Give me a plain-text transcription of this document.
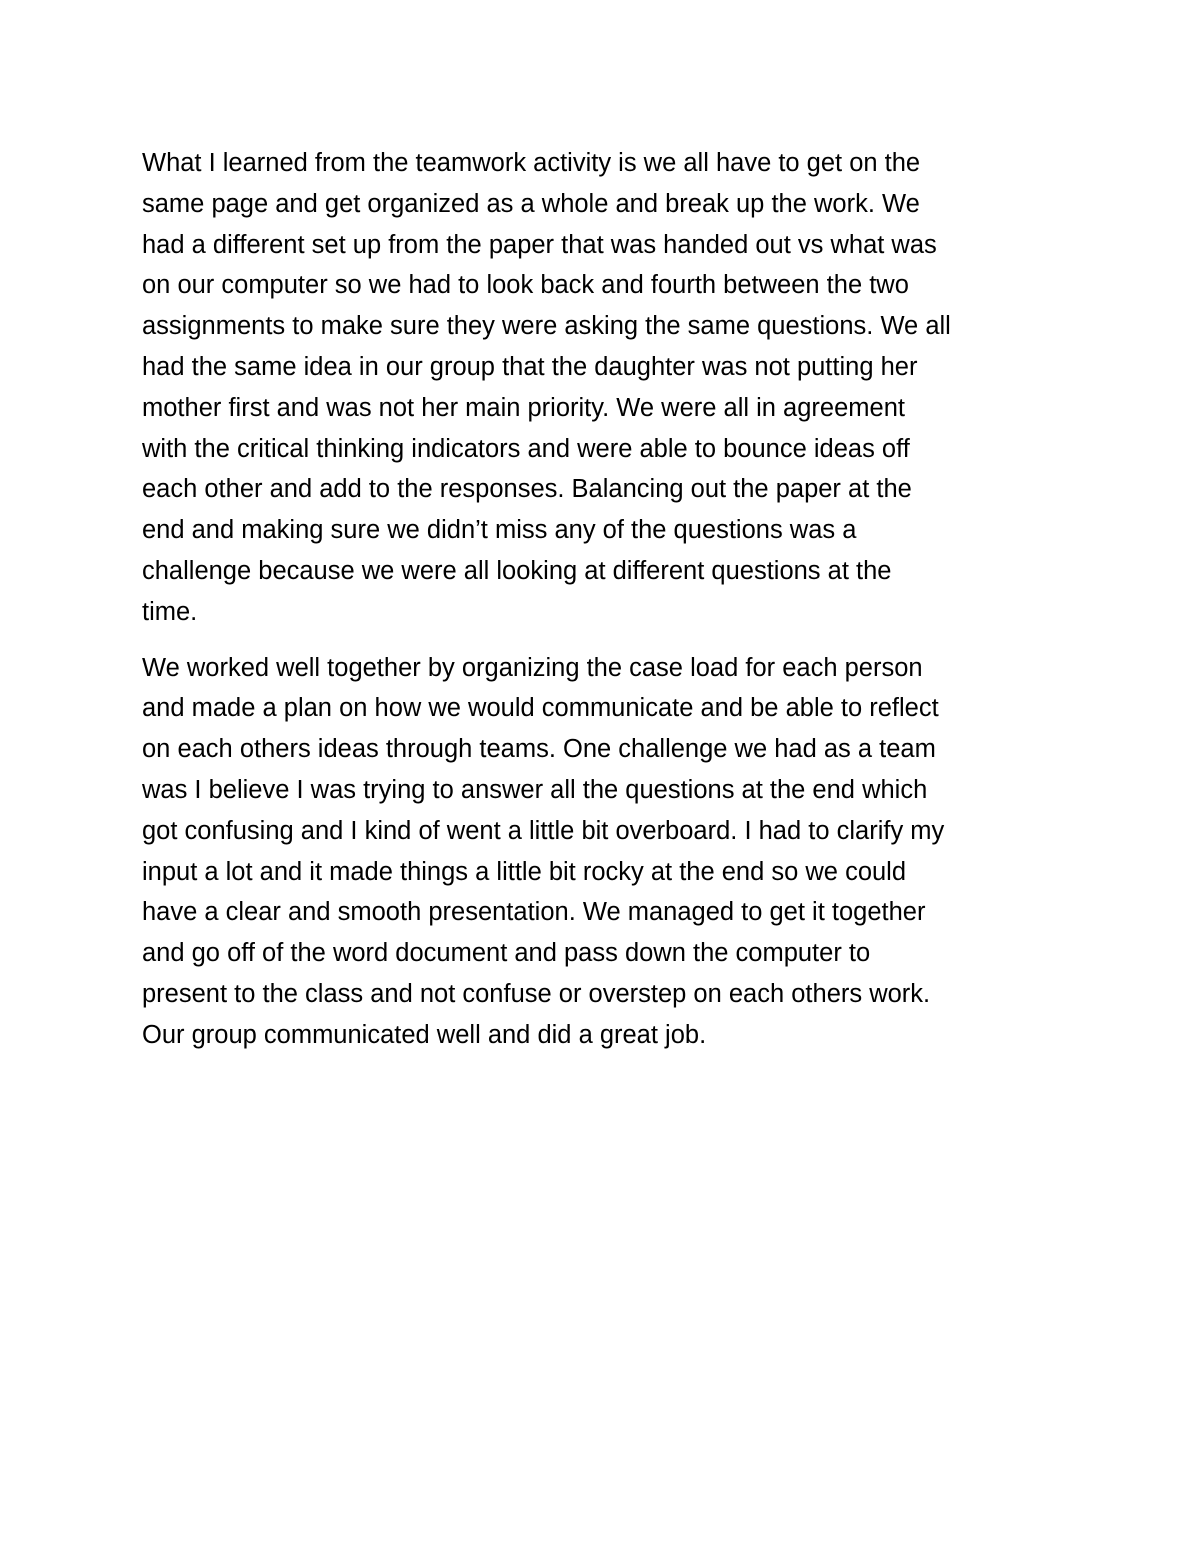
What I learned from the teamwork activity is we all have to get on the
same page and get organized as a whole and break up the work. We
had a different set up from the paper that was handed out vs what was
on our computer so we had to look back and fourth between the two
assignments to make sure they were asking the same questions. We all
had the same idea in our group that the daughter was not putting her
mother first and was not her main priority. We were all in agreement
with the critical thinking indicators and were able to bounce ideas off
each other and add to the responses. Balancing out the paper at the
end and making sure we didn’t miss any of the questions was a
challenge because we were all looking at different questions at the
time.
We worked well together by organizing the case load for each person
and made a plan on how we would communicate and be able to reflect
on each others ideas through teams. One challenge we had as a team
was I believe I was trying to answer all the questions at the end which
got confusing and I kind of went a little bit overboard. I had to clarify my
input a lot and it made things a little bit rocky at the end so we could
have a clear and smooth presentation. We managed to get it together
and go off of the word document and pass down the computer to
present to the class and not confuse or overstep on each others work.
Our group communicated well and did a great job.
